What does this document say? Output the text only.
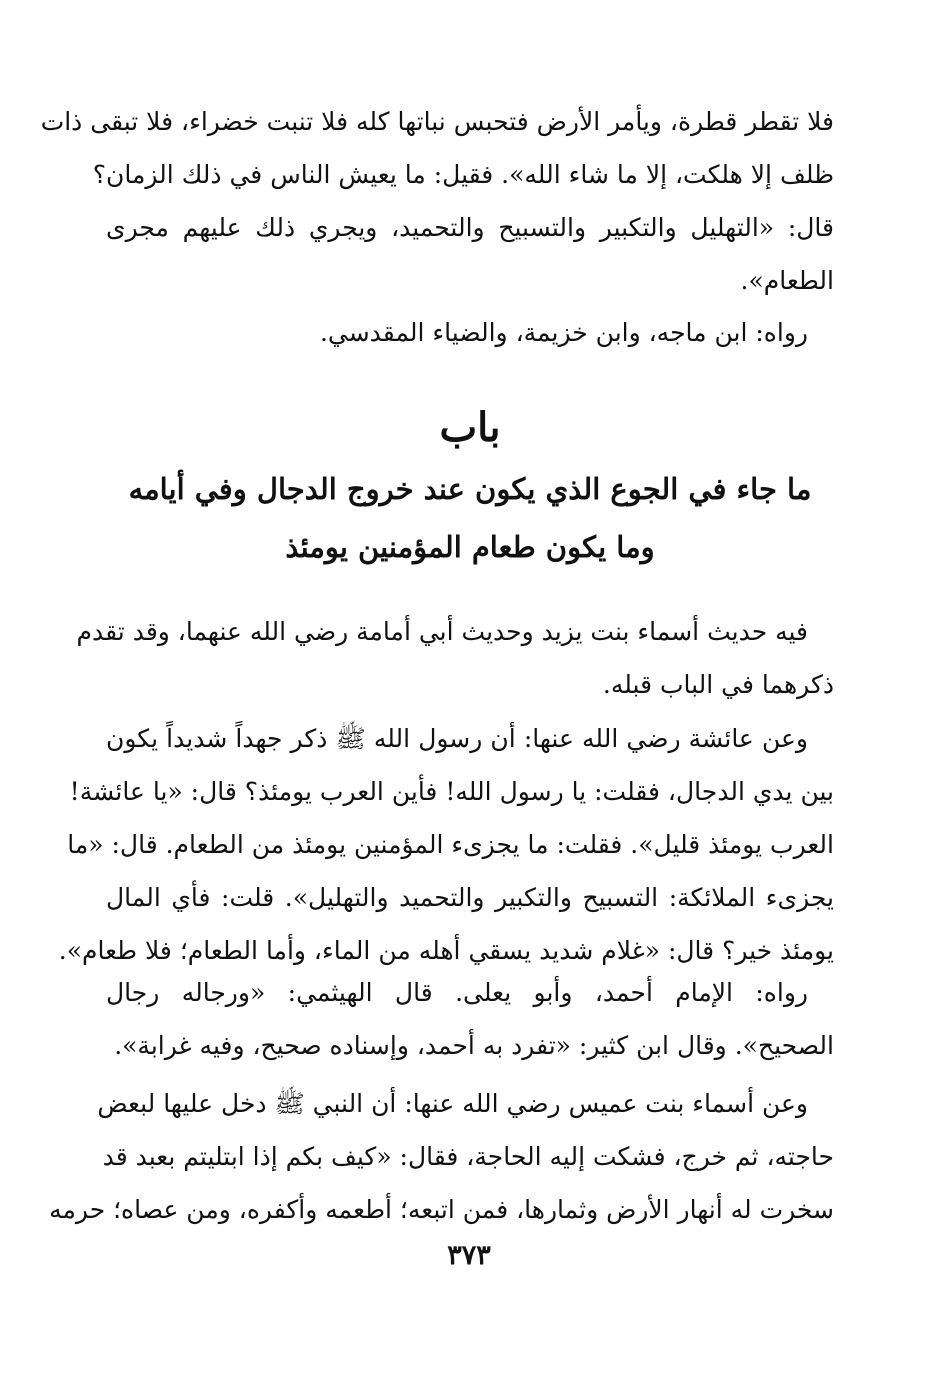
فلا تقطر قطرة، ويأمر الأرض فتحبس نباتها كله فلا تنبت خضراء، فلا تبقى ذات
ظلف إلا هلكت، إلا ما شاء الله». فقيل: ما يعيش الناس في ذلك الزمان؟
قال: «التهليل والتكبير والتسبيح والتحميد، ويجري ذلك عليهم مجرى
الطعام».
رواه: ابن ماجه، وابن خزيمة، والضياء المقدسي.
باب
ما جاء في الجوع الذي يكون عند خروج الدجال وفي أيامه
وما يكون طعام المؤمنين يومئذ
فيه حديث أسماء بنت يزيد وحديث أبي أمامة رضي الله عنهما، وقد تقدم
ذكرهما في الباب قبله.
وعن عائشة رضي الله عنها: أن رسول الله ﷺ ذكر جهداً شديداً يكون
بين يدي الدجال، فقلت: يا رسول الله! فأين العرب يومئذ؟ قال: «يا عائشة!
العرب يومئذ قليل». فقلت: ما يجزىء المؤمنين يومئذ من الطعام. قال: «ما
يجزىء الملائكة: التسبيح والتكبير والتحميد والتهليل». قلت: فأي المال
يومئذ خير؟ قال: «غلام شديد يسقي أهله من الماء، وأما الطعام؛ فلا طعام».
رواه: الإمام أحمد، وأبو يعلى. قال الهيثمي: «ورجاله رجال
الصحيح». وقال ابن كثير: «تفرد به أحمد، وإسناده صحيح، وفيه غرابة».
وعن أسماء بنت عميس رضي الله عنها: أن النبي ﷺ دخل عليها لبعض
حاجته، ثم خرج، فشكت إليه الحاجة، فقال: «كيف بكم إذا ابتليتم بعبد قد
سخرت له أنهار الأرض وثمارها، فمن اتبعه؛ أطعمه وأكفره، ومن عصاه؛ حرمه
٣٧٣
